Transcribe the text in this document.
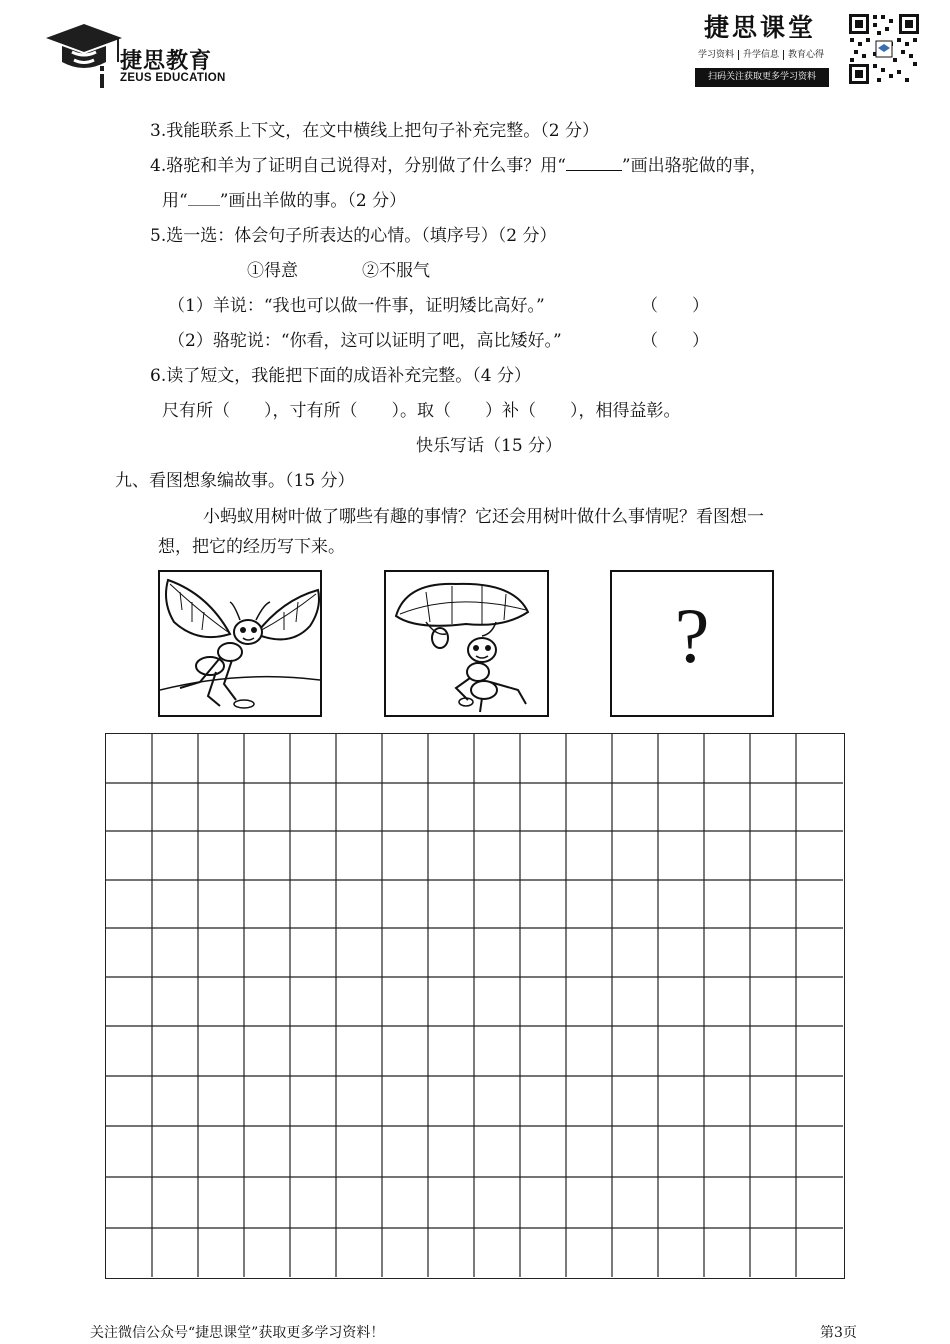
捷思教育
ZEUS EDUCATION
捷思课堂
学习资料 升学信息 教育心得
扫码关注获取更多学习资料
3.我能联系上下文，在文中横线上把句子补充完整。（2 分）
4.骆驼和羊为了证明自己说得对，分别做了什么事？用“	”画出骆驼做的事，
用“ ”画出羊做的事。（2 分）
5.选一选：体会句子所表达的心情。（填序号）（2 分）
①得意	②不服气
（1）羊说：“我也可以做一件事，证明矮比高好。”	（　　）
（2）骆驼说：“你看，这可以证明了吧，高比矮好。”	（　　）
6.读了短文，我能把下面的成语补充完整。（4 分）
尺有所（　　），寸有所（　　）。取（　　）补（　　），相得益彰。
快乐写话（15 分）
九、看图想象编故事。（15 分）
小蚂蚁用树叶做了哪些有趣的事情？它还会用树叶做什么事情呢？看图想一
想，把它的经历写下来。
?
关注微信公众号“捷思课堂”获取更多学习资料！	第3页
